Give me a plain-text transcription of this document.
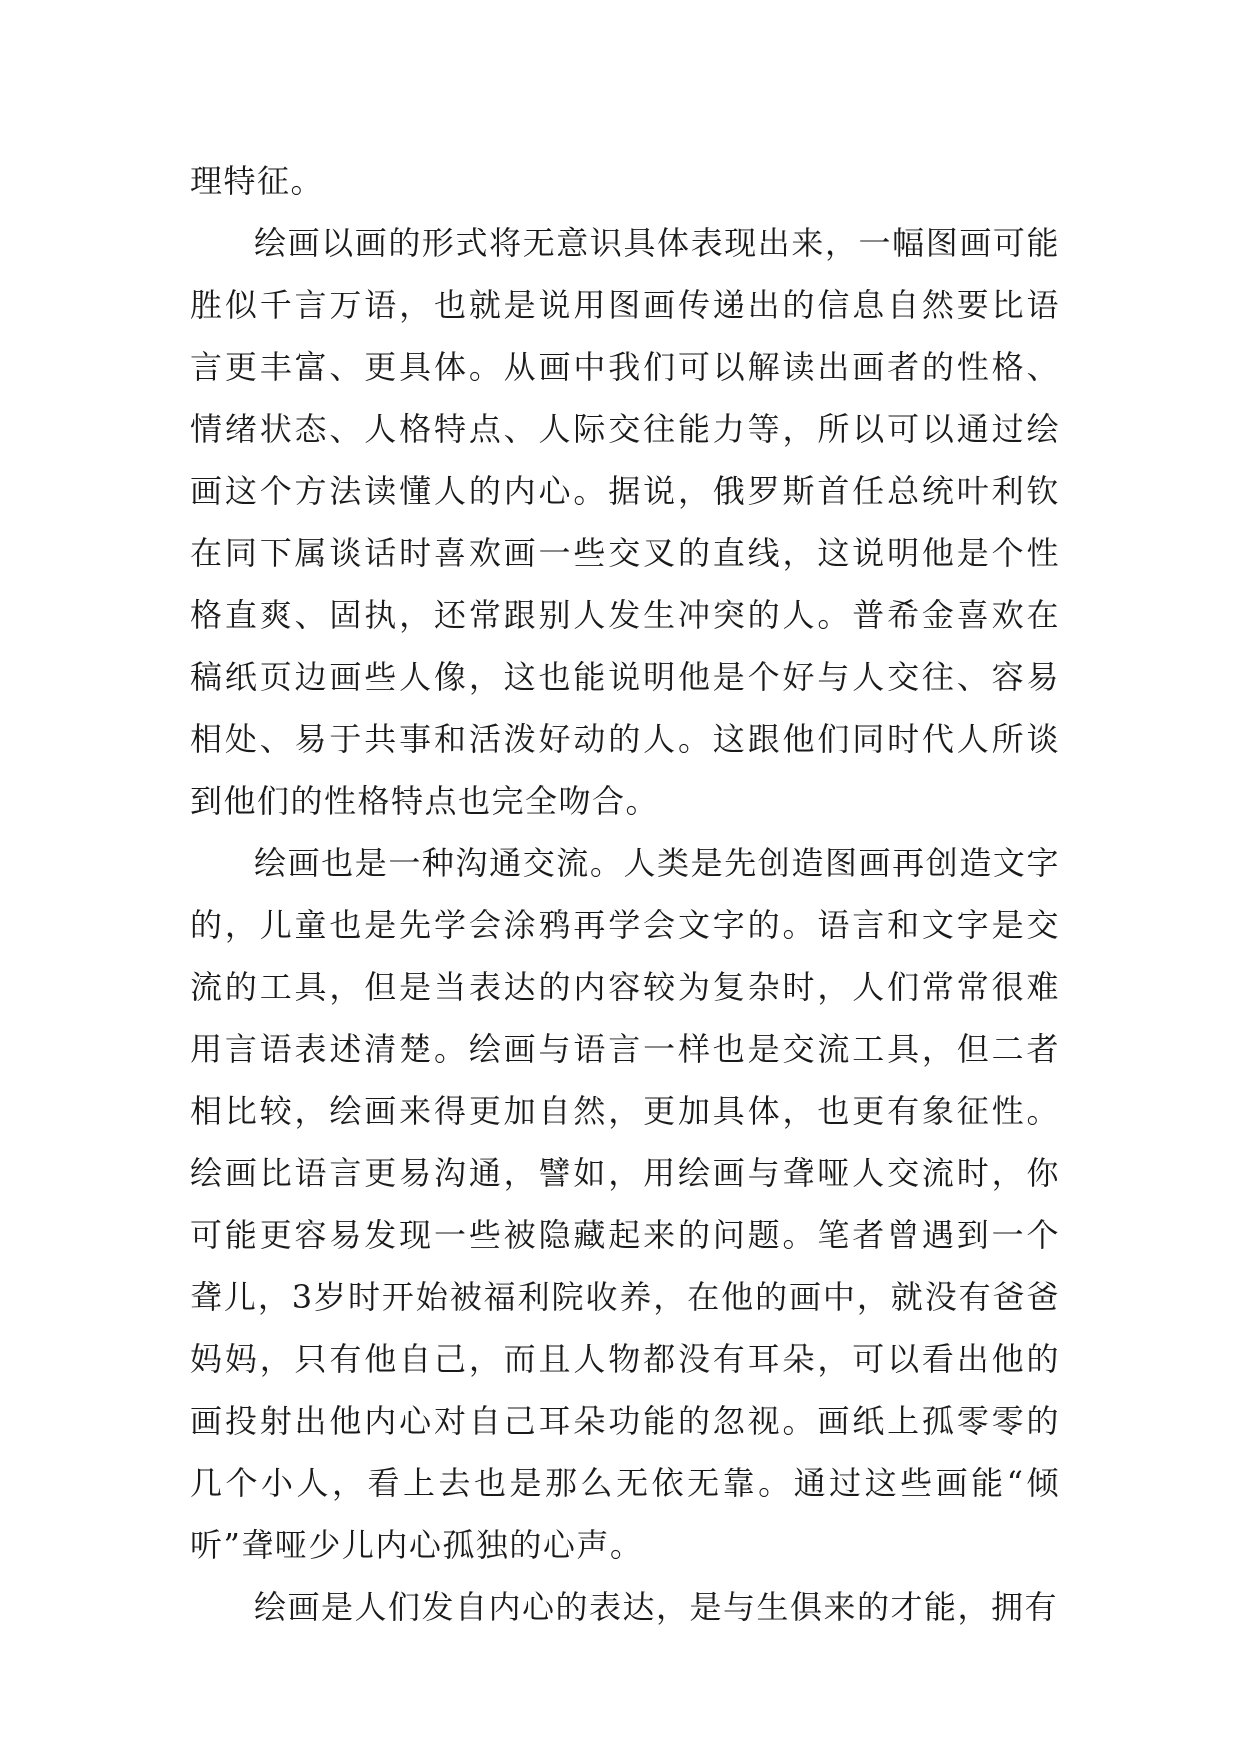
理特征。

绘画以画的形式将无意识具体表现出来，一幅图画可能胜似千言万语，也就是说用图画传递出的信息自然要比语言更丰富、更具体。从画中我们可以解读出画者的性格、情绪状态、人格特点、人际交往能力等，所以可以通过绘画这个方法读懂人的内心。据说，俄罗斯首任总统叶利钦在同下属谈话时喜欢画一些交叉的直线，这说明他是个性格直爽、固执，还常跟别人发生冲突的人。普希金喜欢在稿纸页边画些人像，这也能说明他是个好与人交往、容易相处、易于共事和活泼好动的人。这跟他们同时代人所谈到他们的性格特点也完全吻合。

绘画也是一种沟通交流。人类是先创造图画再创造文字的，儿童也是先学会涂鸦再学会文字的。语言和文字是交流的工具，但是当表达的内容较为复杂时，人们常常很难用言语表述清楚。绘画与语言一样也是交流工具，但二者相比较，绘画来得更加自然，更加具体，也更有象征性。绘画比语言更易沟通，譬如，用绘画与聋哑人交流时，你可能更容易发现一些被隐藏起来的问题。笔者曾遇到一个聋儿，3岁时开始被福利院收养，在他的画中，就没有爸爸妈妈，只有他自己，而且人物都没有耳朵，可以看出他的画投射出他内心对自己耳朵功能的忽视。画纸上孤零零的几个小人，看上去也是那么无依无靠。通过这些画能“倾听”聋哑少儿内心孤独的心声。

绘画是人们发自内心的表达，是与生俱来的才能，拥有
